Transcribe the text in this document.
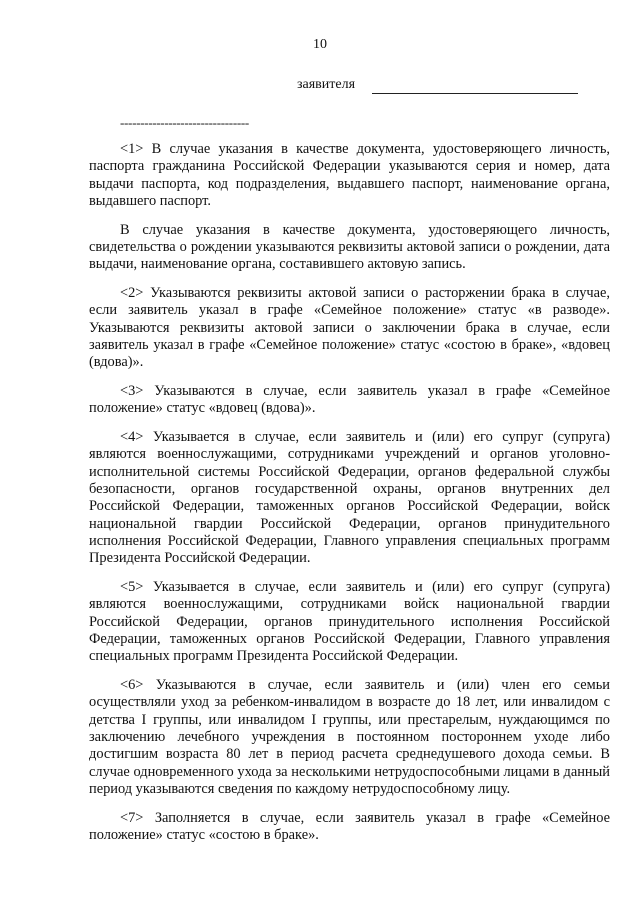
10
заявителя
--------------------------------

<1> В случае указания в качестве документа, удостоверяющего личность, паспорта гражданина Российской Федерации указываются серия и номер, дата выдачи паспорта, код подразделения, выдавшего паспорт, наименование органа, выдавшего паспорт.

В случае указания в качестве документа, удостоверяющего личность, свидетельства о рождении указываются реквизиты актовой записи о рождении, дата выдачи, наименование органа, составившего актовую запись.

<2> Указываются реквизиты актовой записи о расторжении брака в случае, если заявитель указал в графе «Семейное положение» статус «в разводе». Указываются реквизиты актовой записи о заключении брака в случае, если заявитель указал в графе «Семейное положение» статус «состою в браке», «вдовец (вдова)».

<3> Указываются в случае, если заявитель указал в графе «Семейное положение» статус «вдовец (вдова)».

<4> Указывается в случае, если заявитель и (или) его супруг (супруга) являются военнослужащими, сотрудниками учреждений и органов уголовно-исполнительной системы Российской Федерации, органов федеральной службы безопасности, органов государственной охраны, органов внутренних дел Российской Федерации, таможенных органов Российской Федерации, войск национальной гвардии Российской Федерации, органов принудительного исполнения Российской Федерации, Главного управления специальных программ Президента Российской Федерации.

<5> Указывается в случае, если заявитель и (или) его супруг (супруга) являются военнослужащими, сотрудниками войск национальной гвардии Российской Федерации, органов принудительного исполнения Российской Федерации, таможенных органов Российской Федерации, Главного управления специальных программ Президента Российской Федерации.

<6> Указываются в случае, если заявитель и (или) член его семьи осуществляли уход за ребенком-инвалидом в возрасте до 18 лет, или инвалидом с детства I группы, или инвалидом I группы, или престарелым, нуждающимся по заключению лечебного учреждения в постоянном постороннем уходе либо достигшим возраста 80 лет в период расчета среднедушевого дохода семьи. В случае одновременного ухода за несколькими нетрудоспособными лицами в данный период указываются сведения по каждому нетрудоспособному лицу.

<7> Заполняется в случае, если заявитель указал в графе «Семейное положение» статус «состою в браке».
